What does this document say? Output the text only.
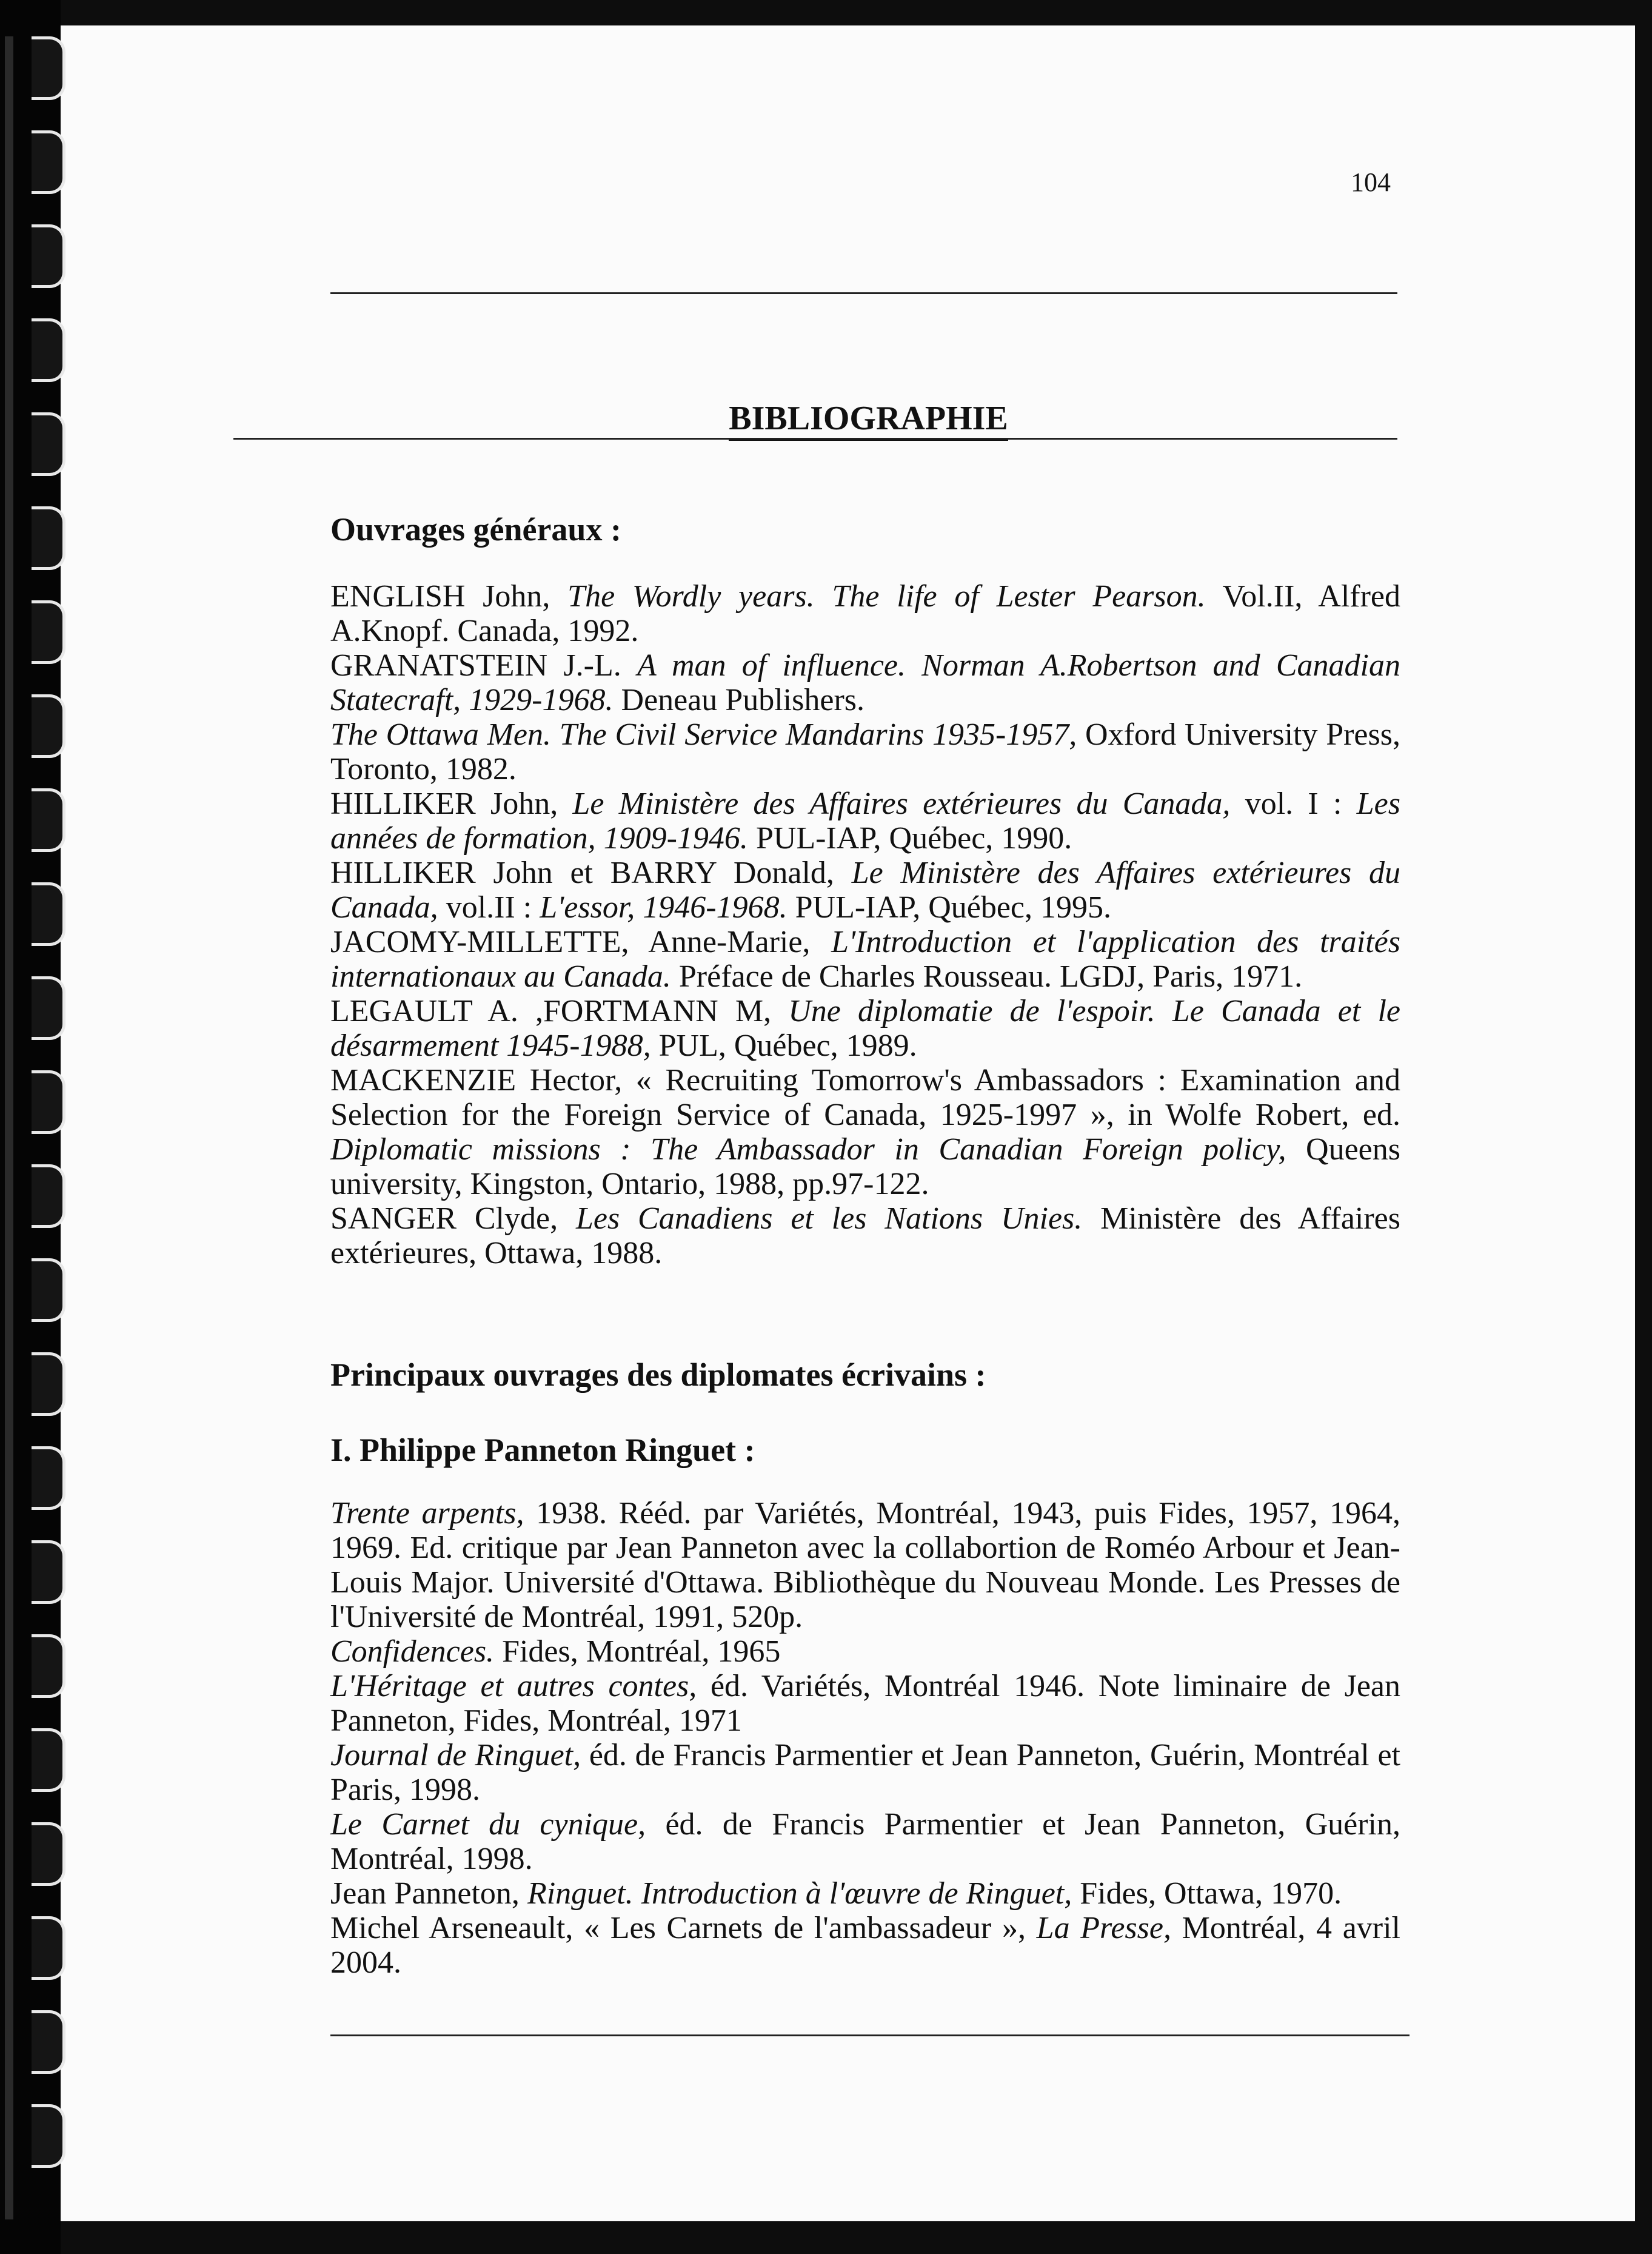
104
BIBLIOGRAPHIE
Ouvrages généraux :

ENGLISH John, The Wordly years. The life of Lester Pearson. Vol.II, Alfred A.Knopf. Canada, 1992.

GRANATSTEIN J.-L. A man of influence. Norman A.Robertson and Canadian Statecraft, 1929-1968. Deneau Publishers.

The Ottawa Men. The Civil Service Mandarins 1935-1957, Oxford University Press, Toronto, 1982.

HILLIKER John, Le Ministère des Affaires extérieures du Canada, vol. I : Les années de formation, 1909-1946. PUL-IAP, Québec, 1990.

HILLIKER John et BARRY Donald, Le Ministère des Affaires extérieures du Canada, vol.II : L'essor, 1946-1968. PUL-IAP, Québec, 1995.

JACOMY-MILLETTE, Anne-Marie, L'Introduction et l'application des traités internationaux au Canada. Préface de Charles Rousseau. LGDJ, Paris, 1971.

LEGAULT A. ,FORTMANN M, Une diplomatie de l'espoir. Le Canada et le désarmement 1945-1988, PUL, Québec, 1989.

MACKENZIE Hector, « Recruiting Tomorrow's Ambassadors : Examination and Selection for the Foreign Service of Canada, 1925-1997 », in Wolfe Robert, ed. Diplomatic missions : The Ambassador in Canadian Foreign policy, Queens university, Kingston, Ontario, 1988, pp.97-122.

SANGER Clyde, Les Canadiens et les Nations Unies. Ministère des Affaires extérieures, Ottawa, 1988.

Principaux ouvrages des diplomates écrivains :
I. Philippe Panneton Ringuet :

Trente arpents, 1938. Rééd. par Variétés, Montréal, 1943, puis Fides, 1957, 1964, 1969. Ed. critique par Jean Panneton avec la collabortion de Roméo Arbour et Jean-Louis Major. Université d'Ottawa. Bibliothèque du Nouveau Monde. Les Presses de l'Université de Montréal, 1991, 520p.

Confidences. Fides, Montréal, 1965

L'Héritage et autres contes, éd. Variétés, Montréal 1946. Note liminaire de Jean Panneton, Fides, Montréal, 1971

Journal de Ringuet, éd. de Francis Parmentier et Jean Panneton, Guérin, Montréal et Paris, 1998.

Le Carnet du cynique, éd. de Francis Parmentier et Jean Panneton, Guérin, Montréal, 1998.

Jean Panneton, Ringuet. Introduction à l'œuvre de Ringuet, Fides, Ottawa, 1970.

Michel Arseneault, « Les Carnets de l'ambassadeur », La Presse, Montréal, 4 avril 2004.
